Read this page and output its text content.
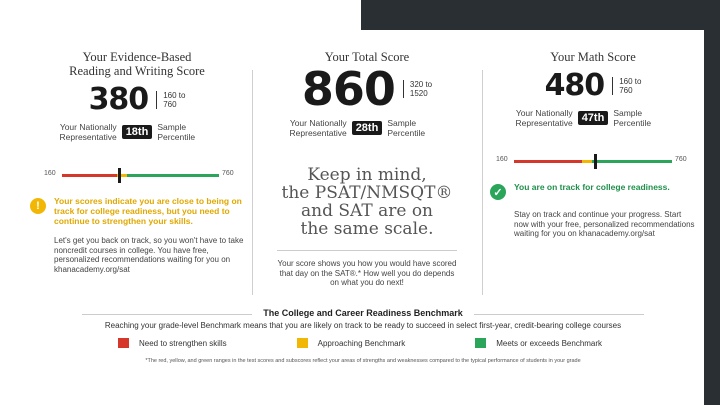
Your Evidence-Based
Reading and Writing Score
380 160 to
760
Your Nationally
Representative 18th	Sample
Percentile
160	760
!	Your scores indicate you are close to being on track for college readiness, but you need to continue to strengthen your skills.
Let's get you back on track, so you won't have to take noncredit courses in college. You have free, personalized recommendations waiting for you on khanacademy.org/sat
Your Total Score
860 320 to
1520
Your Nationally
Representative 28th	Sample
Percentile
Keep in mind,
the PSAT/NMSQT®
and SAT are on
the same scale.
Your score shows you how you would have scored that day on the SAT®.* How well you do depends on what you do next!
Your Math Score
480 160 to
760
Your Nationally
Representative 47th	Sample
Percentile
160	760
✓	You are on track for college readiness.
Stay on track and continue your progress. Start now with your free, personalized recommendations waiting for you on khanacademy.org/sat
The College and Career Readiness Benchmark
Reaching your grade-level Benchmark means that you are likely on track to be ready to succeed in select first-year, credit-bearing college courses
Need to strengthen skills	Approaching Benchmark	Meets or exceeds Benchmark
*The red, yellow, and green ranges in the test scores and subscores reflect your areas of strengths and weaknesses compared to the typical performance of students in your grade
